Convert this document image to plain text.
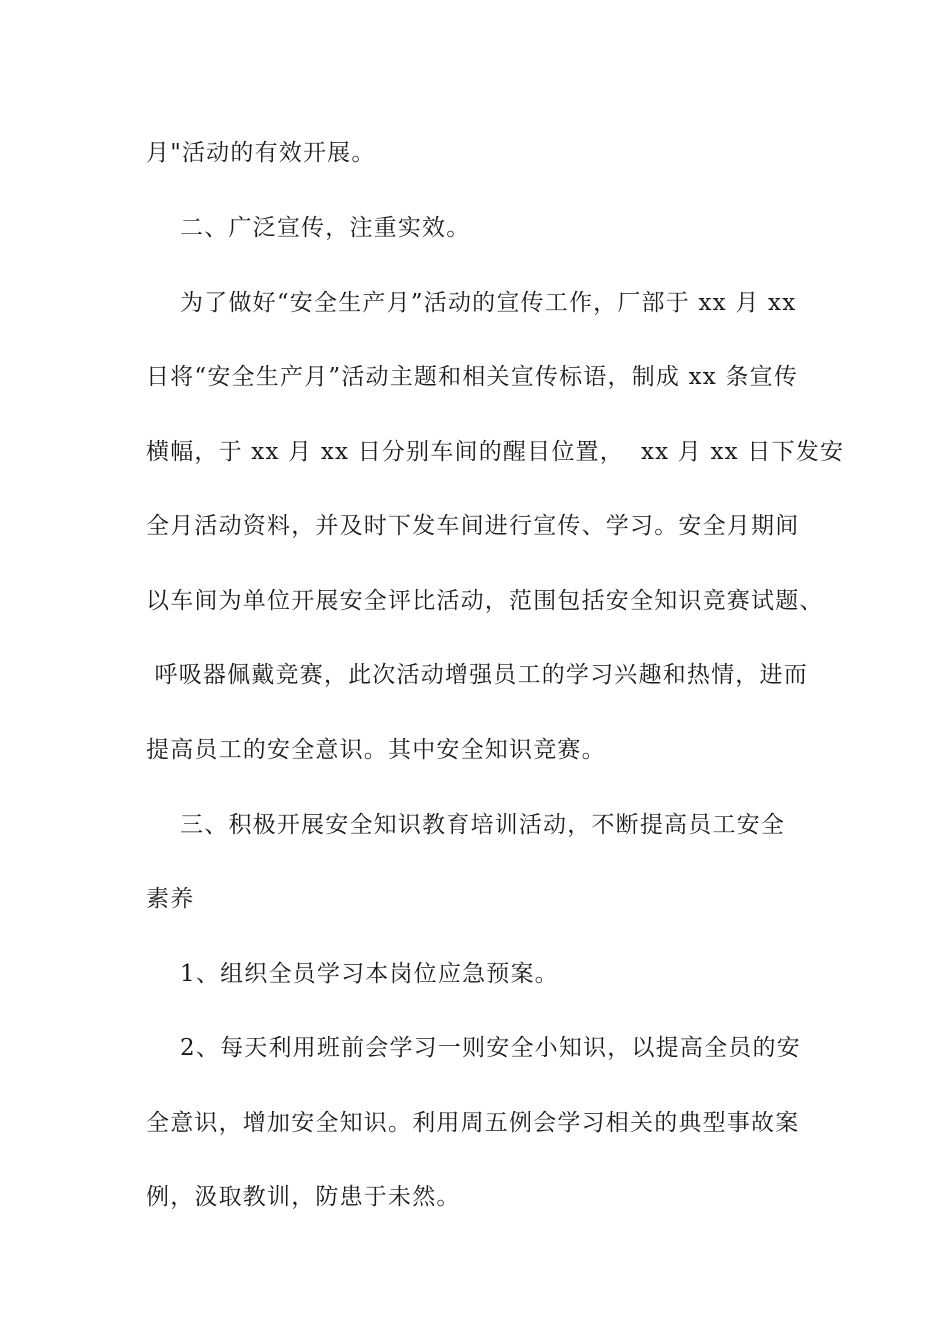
月"活动的有效开展。
二、广泛宣传，注重实效。
为了做好“安全生产月”活动的宣传工作，厂部于 xx 月 xx
日将“安全生产月”活动主题和相关宣传标语，制成 xx 条宣传
横幅，于 xx 月 xx 日分别车间的醒目位置，  xx 月 xx 日下发安
全月活动资料，并及时下发车间进行宣传、学习。安全月期间
以车间为单位开展安全评比活动，范围包括安全知识竞赛试题、
呼吸器佩戴竞赛，此次活动增强员工的学习兴趣和热情，进而
提高员工的安全意识。其中安全知识竞赛。
三、积极开展安全知识教育培训活动，不断提高员工安全
素养
1、组织全员学习本岗位应急预案。
2、每天利用班前会学习一则安全小知识，以提高全员的安
全意识，增加安全知识。利用周五例会学习相关的典型事故案
例，汲取教训，防患于未然。
